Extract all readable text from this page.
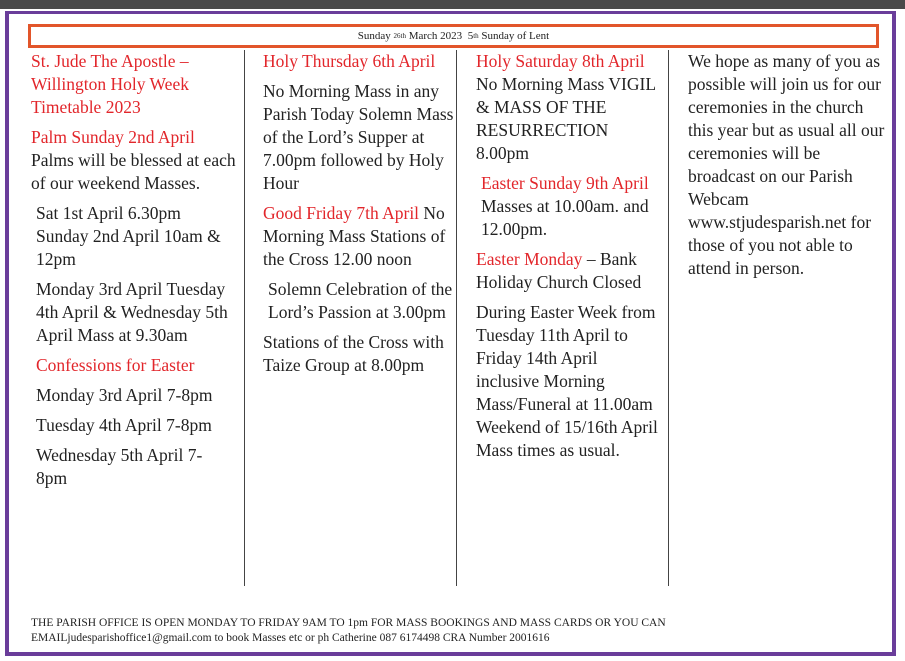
Sunday
26 th
March 2023
5 th
Sunday of Lent

St. Jude The Apostle – Willington Holy Week Timetable 2023

Palm Sunday 2nd April

Palms will be blessed at each of our weekend Masses.

Sat 1st April 6.30pm Sunday 2nd April 10am & 12pm

Monday 3rd April Tuesday 4th April & Wednesday 5th April Mass at 9.30am

Confessions for Easter

Monday 3rd April 7-8pm

Tuesday 4th April 7-8pm

Wednesday 5th April 7- 8pm

Holy Thursday 6th April

No Morning Mass in any Parish Today Solemn Mass of the Lord’s Supper at 7.00pm followed by Holy Hour

Good Friday 7th April No Morning Mass Stations of the Cross 12.00 noon

Solemn Celebration of the Lord’s Passion at 3.00pm

Stations of the Cross with Taize Group at 8.00pm

Holy Saturday 8th April No Morning Mass VIGIL & MASS OF THE RESURRECTION 8.00pm

Easter Sunday 9th April Masses at 10.00am. and 12.00pm.

Easter Monday – Bank Holiday Church Closed

During Easter Week from Tuesday 11th April to Friday 14th April inclusive Morning Mass/Funeral at 11.00am Weekend of 15/16th April Mass times as usual.

We hope as many of you as possible will join us for our ceremonies in the church this year but as usual all our ceremonies will be broadcast on our Parish Webcam www.stjudesparish.net for those of you not able to attend in person.

THE PARISH OFFICE IS OPEN MONDAY TO FRIDAY 9AM TO 1pm FOR MASS BOOKINGS AND MASS CARDS OR YOU CAN
EMAILjudesparishoffice1@gmail.com to book Masses etc or ph Catherine 087 6174498 CRA Number 2001616
